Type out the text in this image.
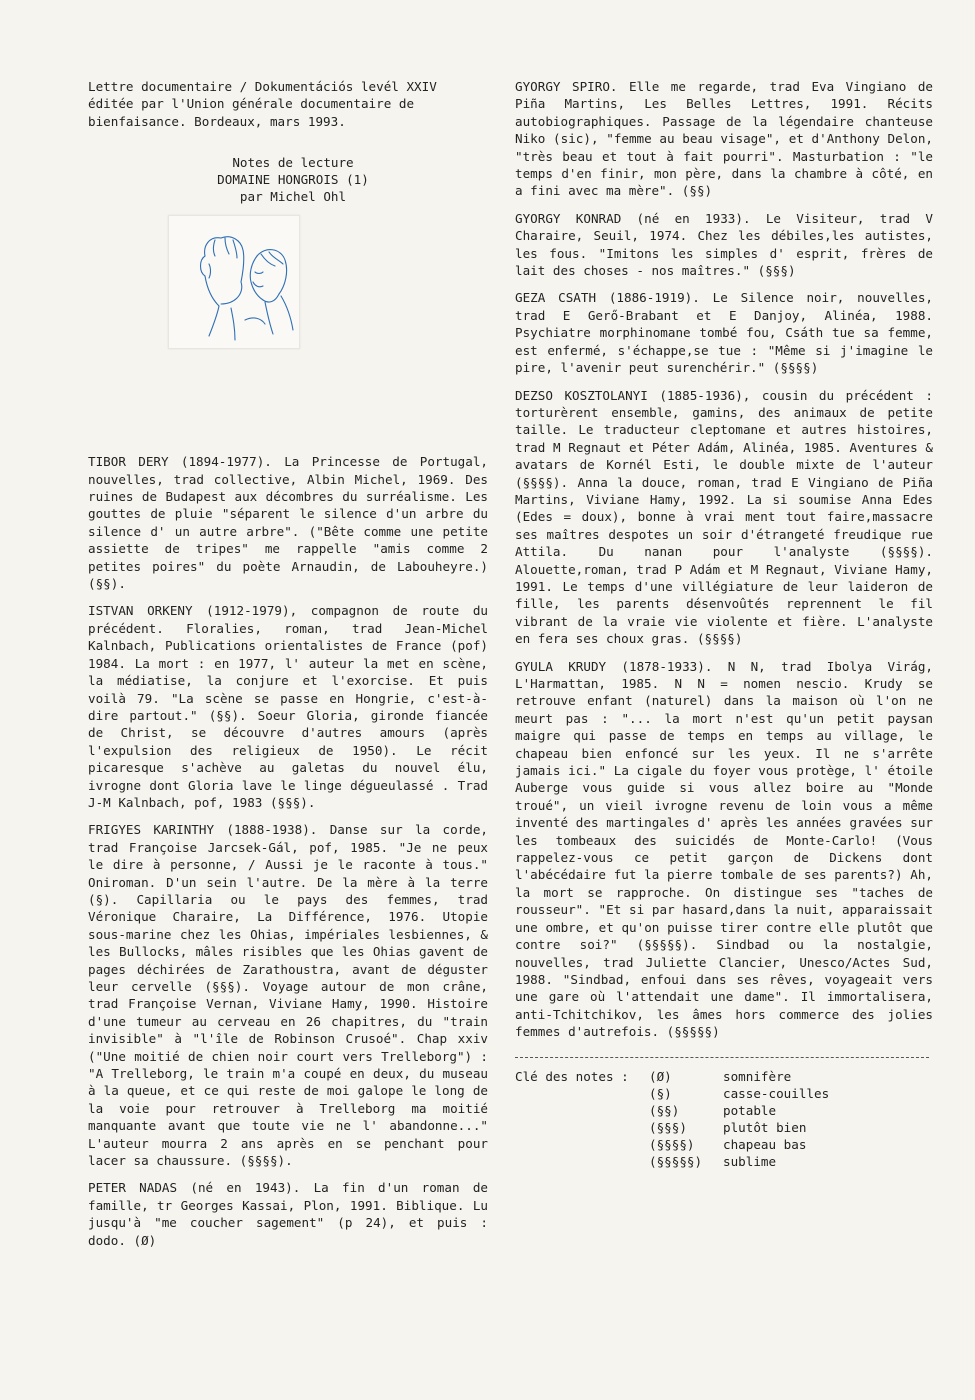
Lettre documentaire / Dokumentációs levél XXIV
éditée par l'Union générale documentaire de
bienfaisance. Bordeaux, mars 1993.
Notes de lecture
DOMAINE HONGROIS (1)
par Michel Ohl

TIBOR DERY (1894-1977). La Princesse de Portugal, nouvelles, trad collective, Albin Michel, 1969. Des ruines de Budapest aux décombres du surréalisme. Les gouttes de pluie "séparent le silence d'un arbre du silence d' un autre arbre". ("Bête comme une petite assiette de tripes" me rappelle "amis comme 2 petites poires" du poète Arnaudin, de Labouheyre.) (§§).

ISTVAN ORKENY (1912-1979), compagnon de route du précédent. Floralies, roman, trad Jean-Michel Kalnbach, Publications orientalistes de France (pof) 1984. La mort : en 1977, l' auteur la met en scène, la médiatise, la conjure et l'exorcise. Et puis voilà 79. "La scène se passe en Hongrie, c'est-à-dire partout." (§§). Soeur Gloria, gironde fiancée de Christ, se découvre d'autres amours (après l'expulsion des religieux de 1950). Le récit picaresque s'achève au galetas du nouvel élu, ivrogne dont Gloria lave le linge dégueulassé . Trad J-M Kalnbach, pof, 1983 (§§§).

FRIGYES KARINTHY (1888-1938). Danse sur la corde, trad Françoise Jarcsek-Gál, pof, 1985. "Je ne peux le dire à personne, / Aussi je le raconte à tous." Oniroman. D'un sein l'autre. De la mère à la terre (§). Capillaria ou le pays des femmes, trad Véronique Charaire, La Différence, 1976. Utopie sous-marine chez les Ohias, impériales lesbiennes, & les Bullocks, mâles risibles que les Ohias gavent de pages déchirées de Zarathoustra, avant de déguster leur cervelle (§§§). Voyage autour de mon crâne, trad Françoise Vernan, Viviane Hamy, 1990. Histoire d'une tumeur au cerveau en 26 chapitres, du "train invisible" à "l'île de Robinson Crusoé". Chap xxiv ("Une moitié de chien noir court vers Trelleborg") : "A Trelleborg, le train m'a coupé en deux, du museau à la queue, et ce qui reste de moi galope le long de la voie pour retrouver à Trelleborg ma moitié manquante avant que toute vie ne l' abandonne..." L'auteur mourra 2 ans après en se penchant pour lacer sa chaussure. (§§§§).

PETER NADAS (né en 1943). La fin d'un roman de famille, tr Georges Kassai, Plon, 1991. Biblique. Lu jusqu'à "me coucher sagement" (p 24), et puis : dodo. (Ø)

GYORGY SPIRO. Elle me regarde, trad Eva Vingiano de Piña Martins, Les Belles Lettres, 1991. Récits autobiographiques. Passage de la légendaire chanteuse Niko (sic), "femme au beau visage", et d'Anthony Delon, "très beau et tout à fait pourri". Masturbation : "le temps d'en finir, mon père, dans la chambre à côté, en a fini avec ma mère". (§§)

GYORGY KONRAD (né en 1933). Le Visiteur, trad V Charaire, Seuil, 1974. Chez les débiles,les autistes, les fous. "Imitons les simples d' esprit, frères de lait des choses - nos maîtres." (§§§)

GEZA CSATH (1886-1919). Le Silence noir, nouvelles, trad E Gerő-Brabant et E Danjoy, Alinéa, 1988. Psychiatre morphinomane tombé fou, Csáth tue sa femme, est enfermé, s'échappe,se tue : "Même si j'imagine le pire, l'avenir peut surenchérir." (§§§§)

DEZSO KOSZTOLANYI (1885-1936), cousin du précédent : torturèrent ensemble, gamins, des animaux de petite taille. Le traducteur cleptomane et autres histoires, trad M Regnaut et Péter Adám, Alinéa, 1985. Aventures & avatars de Kornél Esti, le double mixte de l'auteur (§§§§). Anna la douce, roman, trad E Vingiano de Piña Martins, Viviane Hamy, 1992. La si soumise Anna Edes (Edes = doux), bonne à vrai ment tout faire,massacre ses maîtres despotes un soir d'étrangeté freudique rue Attila. Du nanan pour l'analyste (§§§§). Alouette,roman, trad P Adám et M Regnaut, Viviane Hamy, 1991. Le temps d'une villégiature de leur laideron de fille, les parents désenvoûtés reprennent le fil vibrant de la vraie vie violente et fière. L'analyste en fera ses choux gras. (§§§§)

GYULA KRUDY (1878-1933). N N, trad Ibolya Virág, L'Harmattan, 1985. N N = nomen nescio. Krudy se retrouve enfant (naturel) dans la maison où l'on ne meurt pas : "... la mort n'est qu'un petit paysan maigre qui passe de temps en temps au village, le chapeau bien enfoncé sur les yeux. Il ne s'arrête jamais ici." La cigale du foyer vous protège, l' étoile Auberge vous guide si vous allez boire au "Monde troué", un vieil ivrogne revenu de loin vous a même inventé des martingales d' après les années gravées sur les tombeaux des suicidés de Monte-Carlo! (Vous rappelez-vous ce petit garçon de Dickens dont l'abécédaire fut la pierre tombale de ses parents?) Ah, la mort se rapproche. On distingue ses "taches de rousseur". "Et si par hasard,dans la nuit, apparaissait une ombre, et qu'on puisse tirer contre elle plutôt que contre soi?" (§§§§§). Sindbad ou la nostalgie, nouvelles, trad Juliette Clancier, Unesco/Actes Sud, 1988. "Sindbad, enfoui dans ses rêves, voyageait vers une gare où l'attendait une dame". Il immortalisera, anti-Tchitchikov, les âmes hors commerce des jolies femmes d'autrefois. (§§§§§)

Clé des notes :	(Ø)	somnifère
(§)	casse-couilles
(§§)	potable
(§§§)	plutôt bien
(§§§§)	chapeau bas
(§§§§§)	sublime
